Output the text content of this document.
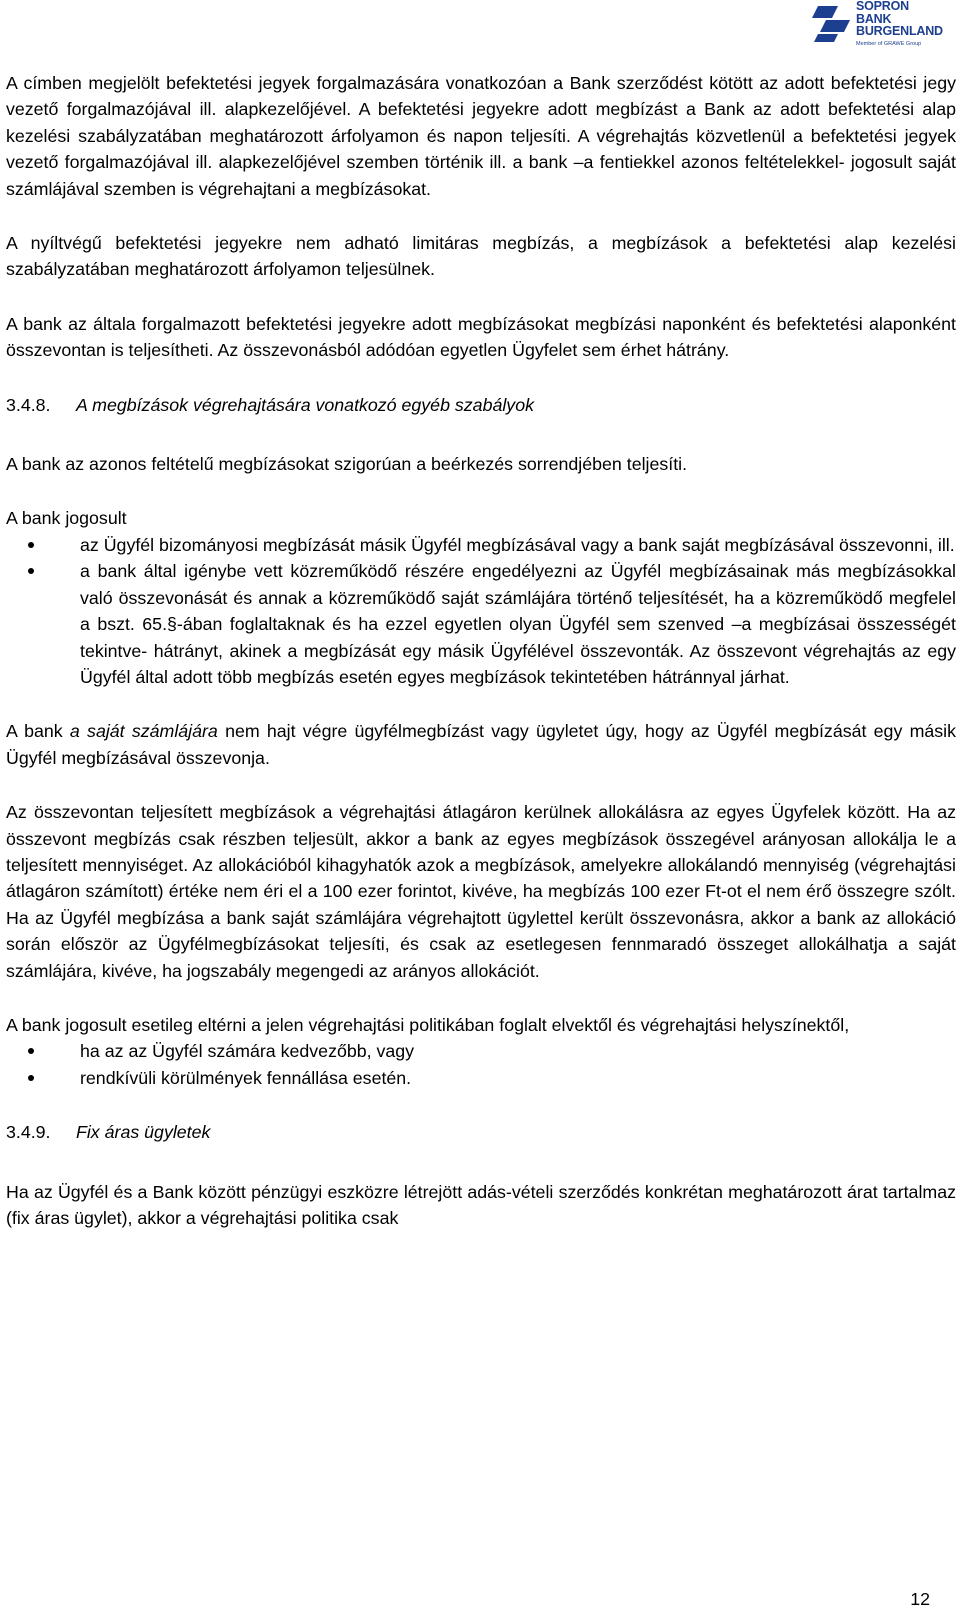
SOPRON
BANK
BURGENLAND
Member of GRAWE Group

A címben megjelölt befektetési jegyek forgalmazására vonatkozóan a Bank szerződést kötött az adott befektetési jegy vezető forgalmazójával ill. alapkezelőjével. A befektetési jegyekre adott megbízást a Bank az adott befektetési alap kezelési szabályzatában meghatározott árfolyamon és napon teljesíti. A végrehajtás közvetlenül a befektetési jegyek vezető forgalmazójával ill. alapkezelőjével szemben történik ill. a bank –a fentiekkel azonos feltételekkel- jogosult saját számlájával szemben is végrehajtani a megbízásokat.

A nyíltvégű befektetési jegyekre nem adható limitáras megbízás, a megbízások a befektetési alap kezelési szabályzatában meghatározott árfolyamon teljesülnek.

A bank az általa forgalmazott befektetési jegyekre adott megbízásokat megbízási naponként és befektetési alaponként összevontan is teljesítheti. Az összevonásból adódóan egyetlen Ügyfelet sem érhet hátrány.

3.4.8. A megbízások végrehajtására vonatkozó egyéb szabályok

A bank az azonos feltételű megbízásokat szigorúan a beérkezés sorrendjében teljesíti.

A bank jogosult

az Ügyfél bizományosi megbízását másik Ügyfél megbízásával vagy a bank saját megbízásával összevonni, ill.
a bank által igénybe vett közreműködő részére engedélyezni az Ügyfél megbízásainak más megbízásokkal való összevonását és annak a közreműködő saját számlájára történő teljesítését, ha a közreműködő megfelel a bszt. 65.§-ában foglaltaknak és ha ezzel egyetlen olyan Ügyfél sem szenved –a megbízásai összességét tekintve- hátrányt, akinek a megbízását egy másik Ügyfélével összevonták. Az összevont végrehajtás az egy Ügyfél által adott több megbízás esetén egyes megbízások tekintetében hátránnyal járhat.

A bank a saját számlájára nem hajt végre ügyfélmegbízást vagy ügyletet úgy, hogy az Ügyfél megbízását egy másik Ügyfél megbízásával összevonja.

Az összevontan teljesített megbízások a végrehajtási átlagáron kerülnek allokálásra az egyes Ügyfelek között. Ha az összevont megbízás csak részben teljesült, akkor a bank az egyes megbízások összegével arányosan allokálja le a teljesített mennyiséget. Az allokációból kihagyhatók azok a megbízások, amelyekre allokálandó mennyiség (végrehajtási átlagáron számított) értéke nem éri el a 100 ezer forintot, kivéve, ha megbízás 100 ezer Ft-ot el nem érő összegre szólt. Ha az Ügyfél megbízása a bank saját számlájára végrehajtott ügylettel került összevonásra, akkor a bank az allokáció során először az Ügyfélmegbízásokat teljesíti, és csak az esetlegesen fennmaradó összeget allokálhatja a saját számlájára, kivéve, ha jogszabály megengedi az arányos allokációt.

A bank jogosult esetileg eltérni a jelen végrehajtási politikában foglalt elvektől és végrehajtási helyszínektől,

ha az az Ügyfél számára kedvezőbb, vagy
rendkívüli körülmények fennállása esetén.

3.4.9. Fix áras ügyletek

Ha az Ügyfél és a Bank között pénzügyi eszközre létrejött adás-vételi szerződés konkrétan meghatározott árat tartalmaz (fix áras ügylet), akkor a végrehajtási politika csak

12
